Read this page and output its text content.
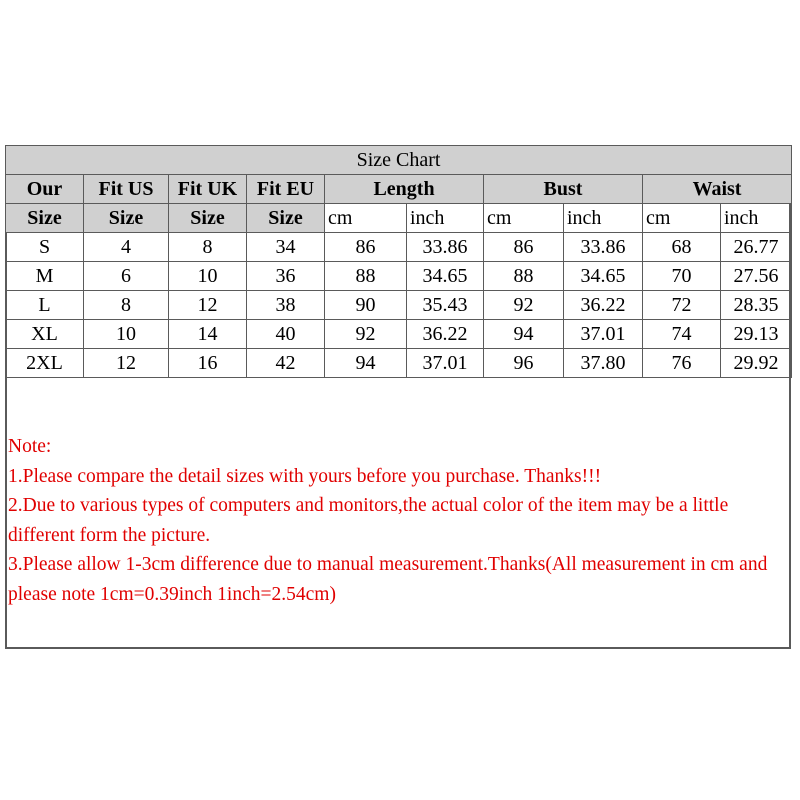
Size Chart									
Our	Fit US	Fit UK	Fit EU	Length		Bust		Waist	
Size	Size	Size	Size	cm	inch	cm	inch	cm	inch
S	4	8	34	86	33.86	86	33.86	68	26.77
M	6	10	36	88	34.65	88	34.65	70	27.56
L	8	12	38	90	35.43	92	36.22	72	28.35
XL	10	14	40	92	36.22	94	37.01	74	29.13
2XL	12	16	42	94	37.01	96	37.80	76	29.92
Note:
1.Please compare the detail sizes with yours before you purchase. Thanks!!!
2.Due to various types of computers and monitors,the actual color of the item may be a little different form the picture.
3.Please allow 1-3cm difference due to manual measurement.Thanks(All measurement in cm and please note 1cm=0.39inch 1inch=2.54cm)
